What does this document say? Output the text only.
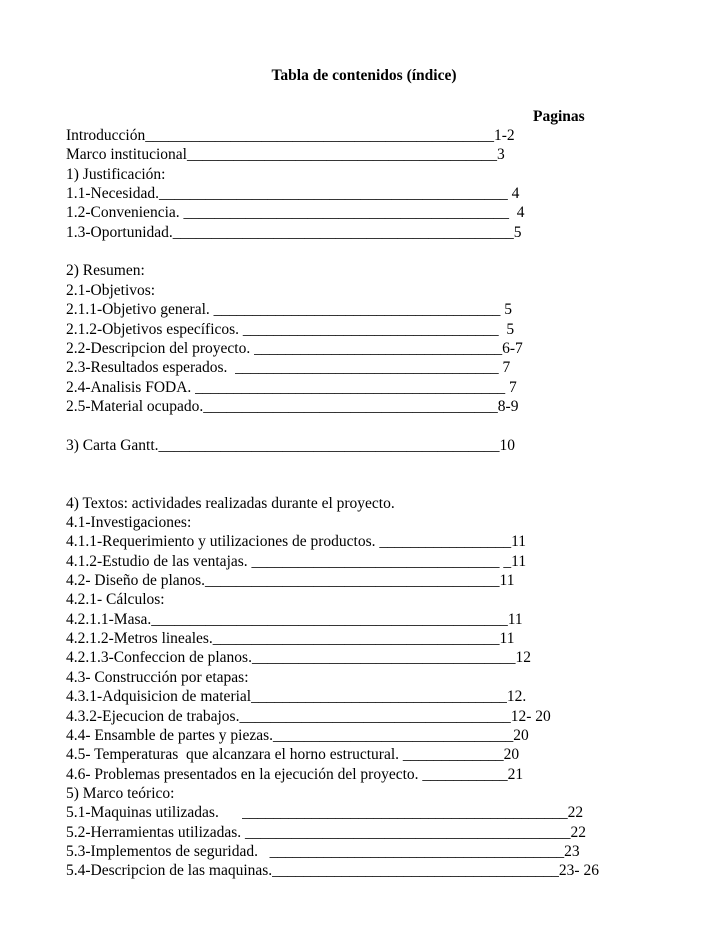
Tabla de contenidos (índice)
Paginas
Introducción_____________________________________________1-2
Marco institucional________________________________________3
1) Justificación:
1.1-Necesidad._____________________________________________ 4
1.2-Conveniencia. __________________________________________  4
1.3-Oportunidad.____________________________________________5
2) Resumen:
2.1-Objetivos:
2.1.1-Objetivo general. _____________________________________ 5
2.1.2-Objetivos específicos. _________________________________  5
2.2-Descripcion del proyecto. ________________________________6-7
2.3-Resultados esperados.  __________________________________ 7
2.4-Analisis FODA. ________________________________________ 7
2.5-Material ocupado.______________________________________8-9
3) Carta Gantt.____________________________________________10
4) Textos: actividades realizadas durante el proyecto.
4.1-Investigaciones:
4.1.1-Requerimiento y utilizaciones de productos. _________________11
4.1.2-Estudio de las ventajas. ________________________________ _11
4.2- Diseño de planos.______________________________________11
4.2.1- Cálculos:
4.2.1.1-Masa.______________________________________________11
4.2.1.2-Metros lineales._____________________________________11
4.2.1.3-Confeccion de planos.__________________________________12
4.3- Construcción por etapas:
4.3.1-Adquisicion de material_________________________________12.
4.3.2-Ejecucion de trabajos.___________________________________12- 20
4.4- Ensamble de partes y piezas._______________________________20
4.5- Temperaturas  que alcanzara el horno estructural. _____________20
4.6- Problemas presentados en la ejecución del proyecto. ___________21
5) Marco teórico:
5.1-Maquinas utilizadas.      __________________________________________22
5.2-Herramientas utilizadas. __________________________________________22
5.3-Implementos de seguridad.   ______________________________________23
5.4-Descripcion de las maquinas._____________________________________23- 26
